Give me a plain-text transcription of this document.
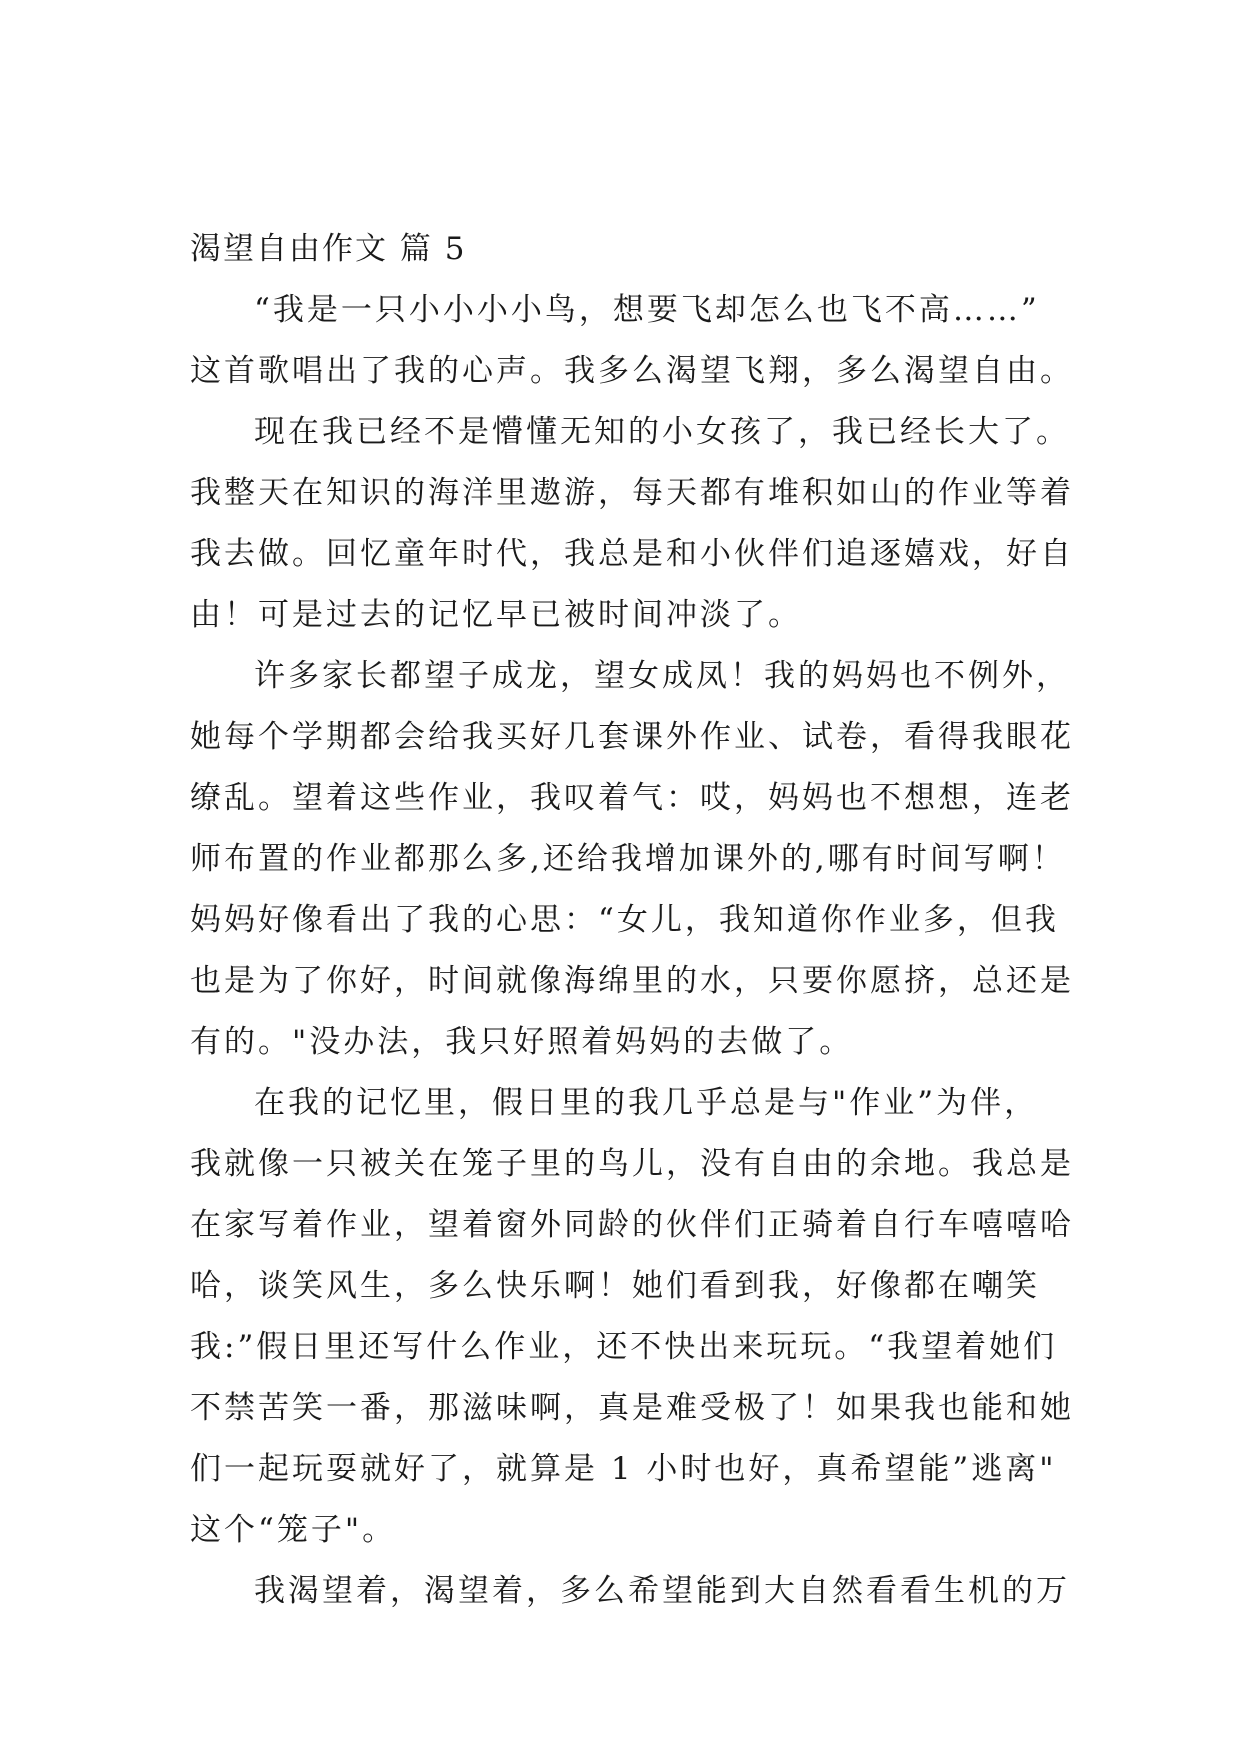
渴望自由作文 篇 5
“我是一只小小小小鸟，想要飞却怎么也飞不高……”
这首歌唱出了我的心声。我多么渴望飞翔，多么渴望自由。
现在我已经不是懵懂无知的小女孩了，我已经长大了。
我整天在知识的海洋里遨游，每天都有堆积如山的作业等着
我去做。回忆童年时代，我总是和小伙伴们追逐嬉戏，好自
由！可是过去的记忆早已被时间冲淡了。
许多家长都望子成龙，望女成凤！我的妈妈也不例外，
她每个学期都会给我买好几套课外作业、试卷，看得我眼花
缭乱。望着这些作业，我叹着气：哎，妈妈也不想想，连老
师布置的作业都那么多,还给我增加课外的,哪有时间写啊！
妈妈好像看出了我的心思：“女儿，我知道你作业多，但我
也是为了你好，时间就像海绵里的水，只要你愿挤，总还是
有的。"没办法，我只好照着妈妈的去做了。
在我的记忆里，假日里的我几乎总是与"作业”为伴，
我就像一只被关在笼子里的鸟儿，没有自由的余地。我总是
在家写着作业，望着窗外同龄的伙伴们正骑着自行车嘻嘻哈
哈，谈笑风生，多么快乐啊！她们看到我，好像都在嘲笑
我:”假日里还写什么作业，还不快出来玩玩。“我望着她们
不禁苦笑一番，那滋味啊，真是难受极了！如果我也能和她
们一起玩耍就好了，就算是 1 小时也好，真希望能”逃离"
这个“笼子"。
我渴望着，渴望着，多么希望能到大自然看看生机的万
